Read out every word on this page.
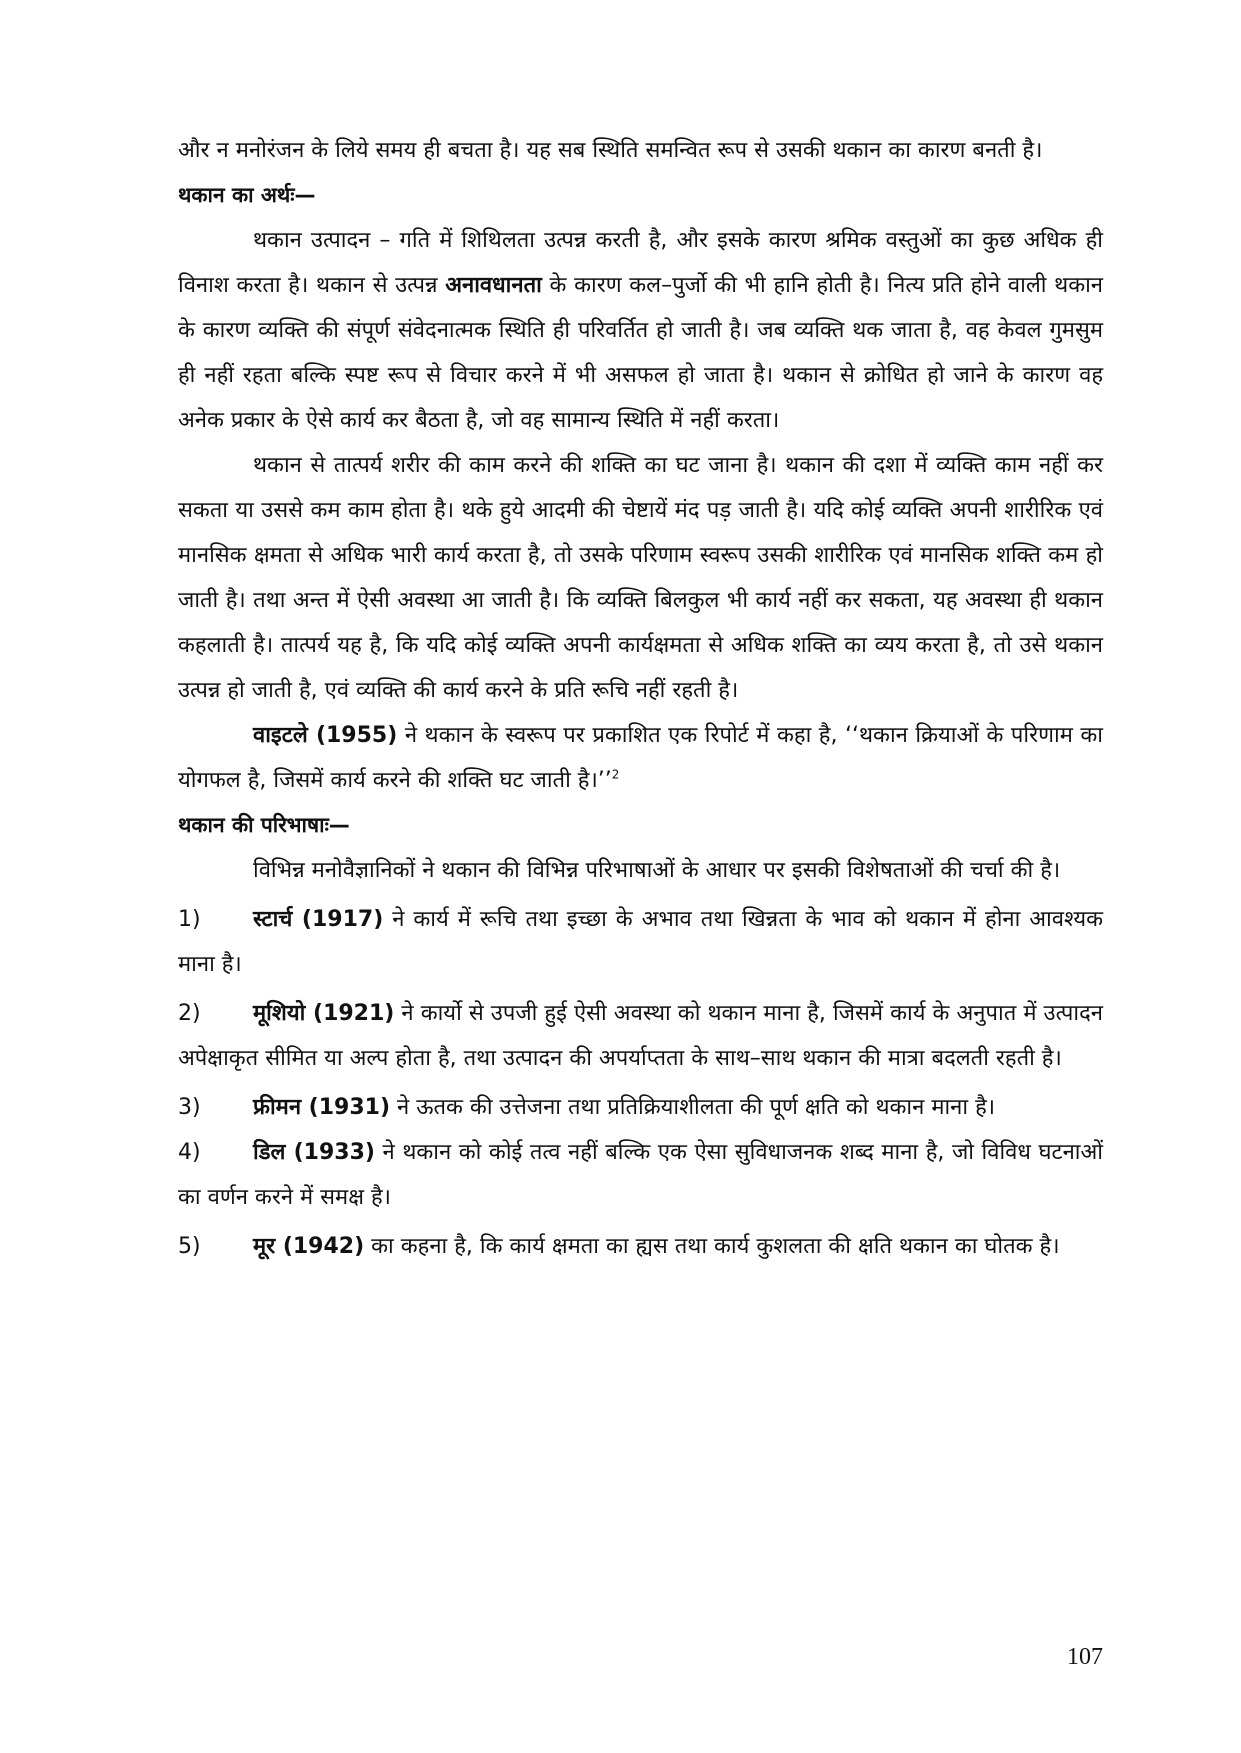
और न मनोरंजन के लिये समय ही बचता है। यह सब स्थिति समन्वित रूप से उसकी थकान का कारण बनती है।

थकान का अर्थः—

थकान उत्पादन – गति में शिथिलता उत्पन्न करती है, और इसके कारण श्रमिक वस्तुओं का कुछ अधिक ही विनाश करता है। थकान से उत्पन्न अनावधानता के कारण कल–पुर्जो की भी हानि होती है। नित्य प्रति होने वाली थकान के कारण व्यक्ति की संपूर्ण संवेदनात्मक स्थिति ही परिवर्तित हो जाती है। जब व्यक्ति थक जाता है, वह केवल गुमसुम ही नहीं रहता बल्कि स्पष्ट रूप से विचार करने में भी असफल हो जाता है। थकान से क्रोधित हो जाने के कारण वह अनेक प्रकार के ऐसे कार्य कर बैठता है, जो वह सामान्य स्थिति में नहीं करता।

थकान से तात्पर्य शरीर की काम करने की शक्ति का घट जाना है। थकान की दशा में व्यक्ति काम नहीं कर सकता या उससे कम काम होता है। थके हुये आदमी की चेष्टायें मंद पड़ जाती है। यदि कोई व्यक्ति अपनी शारीरिक एवं मानसिक क्षमता से अधिक भारी कार्य करता है, तो उसके परिणाम स्वरूप उसकी शारीरिक एवं मानसिक शक्ति कम हो जाती है। तथा अन्त में ऐसी अवस्था आ जाती है। कि व्यक्ति बिलकुल भी कार्य नहीं कर सकता, यह अवस्था ही थकान कहलाती है। तात्पर्य यह है, कि यदि कोई व्यक्ति अपनी कार्यक्षमता से अधिक शक्ति का व्यय करता है, तो उसे थकान उत्पन्न हो जाती है, एवं व्यक्ति की कार्य करने के प्रति रूचि नहीं रहती है।

वाइटले (1955) ने थकान के स्वरूप पर प्रकाशित एक रिपोर्ट में कहा है, ‘‘थकान क्रियाओं के परिणाम का योगफल है, जिसमें कार्य करने की शक्ति घट जाती है।’’$^2$

थकान की परिभाषाः—

विभिन्न मनोवैज्ञानिकों ने थकान की विभिन्न परिभाषाओं के आधार पर इसकी विशेषताओं की चर्चा की है।

1) स्टार्च (1917) ने कार्य में रूचि तथा इच्छा के अभाव तथा खिन्नता के भाव को थकान में होना आवश्यक माना है।

2) मूशियो (1921) ने कार्यो से उपजी हुई ऐसी अवस्था को थकान माना है, जिसमें कार्य के अनुपात में उत्पादन अपेक्षाकृत सीमित या अल्प होता है, तथा उत्पादन की अपर्याप्तता के साथ–साथ थकान की मात्रा बदलती रहती है।

3) फ्रीमन (1931) ने ऊतक की उत्तेजना तथा प्रतिक्रियाशीलता की पूर्ण क्षति को थकान माना है।

4) डिल (1933) ने थकान को कोई तत्व नहीं बल्कि एक ऐसा सुविधाजनक शब्द माना है, जो विविध घटनाओं का वर्णन करने में समक्ष है।

5) मूर (1942) का कहना है, कि कार्य क्षमता का ह्यस तथा कार्य कुशलता की क्षति थकान का घोतक है।

107
